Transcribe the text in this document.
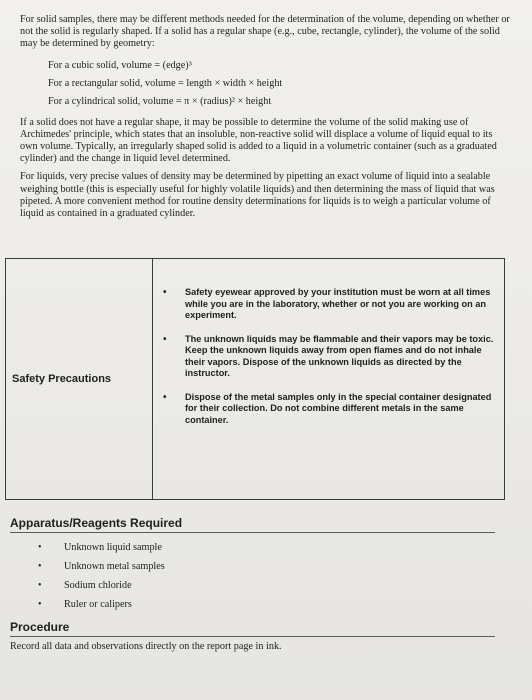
For solid samples, there may be different methods needed for the determination of the volume, depending on whether or not the solid is regularly shaped. If a solid has a regular shape (e.g., cube, rectangle, cylinder), the volume of the solid may be determined by geometry:

For a cubic solid, volume = (edge)³
For a rectangular solid, volume = length × width × height
For a cylindrical solid, volume = π × (radius)² × height

If a solid does not have a regular shape, it may be possible to determine the volume of the solid making use of Archimedes' principle, which states that an insoluble, non-reactive solid will displace a volume of liquid equal to its own volume. Typically, an irregularly shaped solid is added to a liquid in a volumetric container (such as a graduated cylinder) and the change in liquid level determined.

For liquids, very precise values of density may be determined by pipetting an exact volume of liquid into a sealable weighing bottle (this is especially useful for highly volatile liquids) and then determining the mass of liquid that was pipeted. A more convenient method for routine density determinations for liquids is to weigh a particular volume of liquid as contained in a graduated cylinder.

Safety Precautions
• Safety eyewear approved by your institution must be worn at all times while you are in the laboratory, whether or not you are working on an experiment.
• The unknown liquids may be flammable and their vapors may be toxic. Keep the unknown liquids away from open flames and do not inhale their vapors. Dispose of the unknown liquids as directed by the instructor.
• Dispose of the metal samples only in the special container designated for their collection. Do not combine different metals in the same container.
Apparatus/Reagents Required
•	Unknown liquid sample
•	Unknown metal samples
•	Sodium chloride
•	Ruler or calipers
Procedure
Record all data and observations directly on the report page in ink.
